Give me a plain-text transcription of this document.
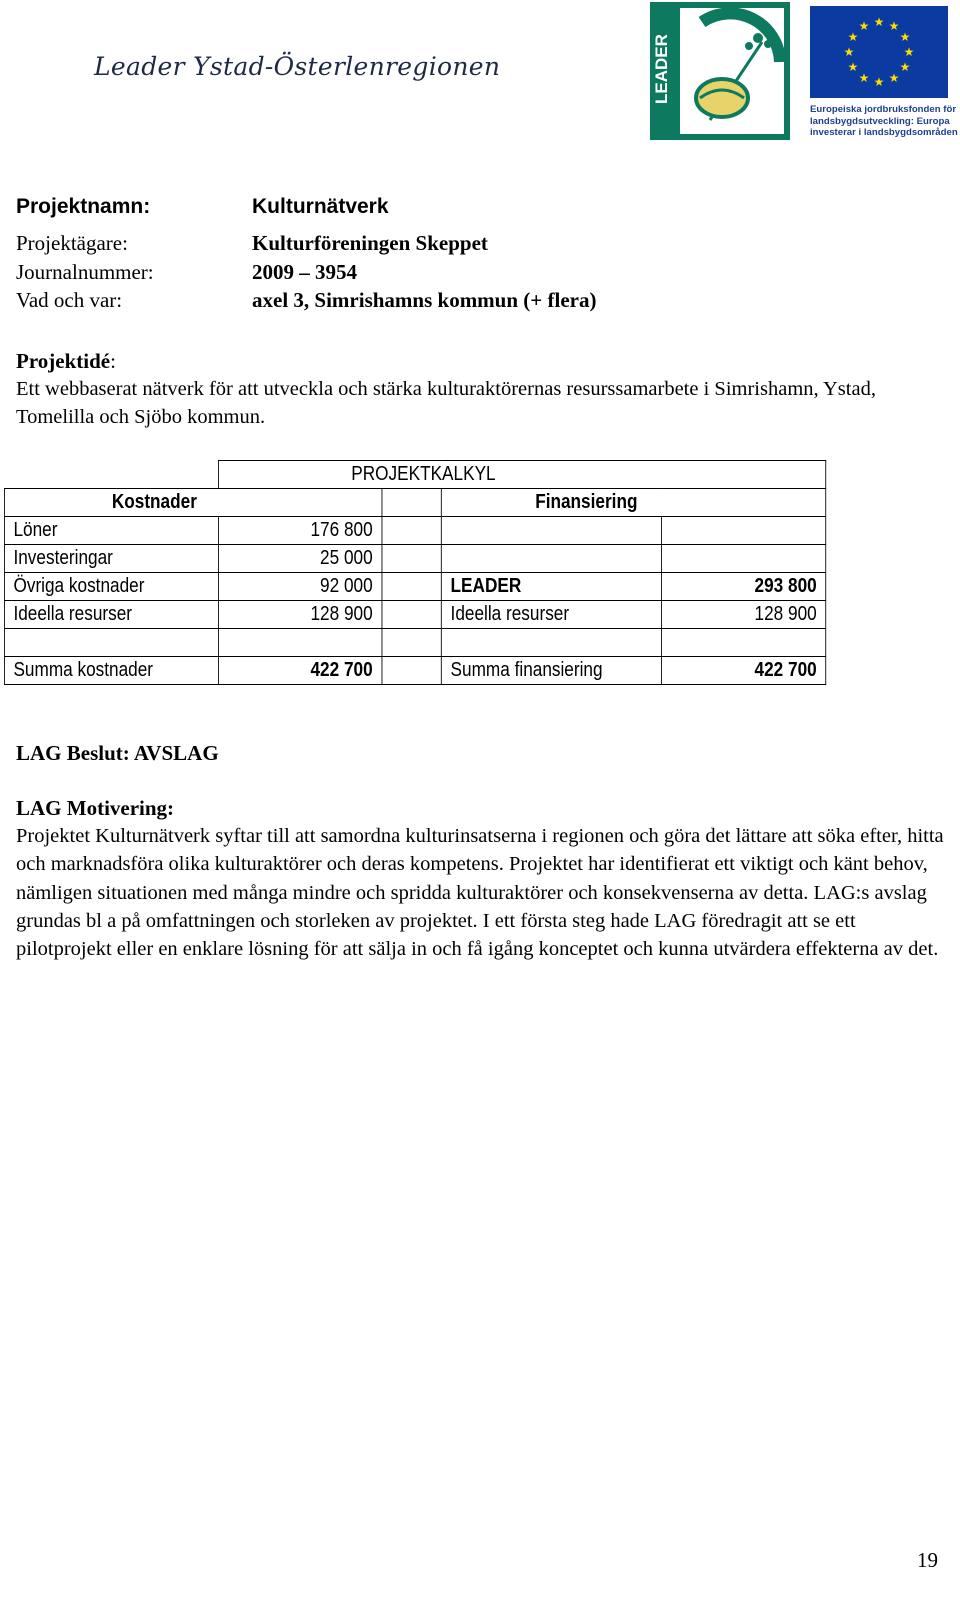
Leader Ystad-Österlenregionen	LEADER
★ ★
★
★
★
★
★
★
★
★
★
★
Europeiska jordbruksfonden för
landsbygdsutveckling: Europa
investerar i landsbygdsområden
Projektnamn:	Kulturnätverk
Projektägare:	Kulturföreningen Skeppet
Journalnummer:	2009 – 3954
Vad och var:	axel 3, Simrishamns kommun (+ flera)
Projektidé:

Ett webbaserat nätverk för att utveckla och stärka kulturaktörernas resurssamarbete i Simrishamn, Ystad, Tomelilla och Sjöbo kommun.

	PROJEKTKALKYL			
Kostnader			Finansiering	
Löner	176 800			
Investeringar	25 000			
Övriga kostnader	92 000		LEADER	293 800
Ideella resurser	128 900		Ideella resurser	128 900

Summa kostnader	422 700		Summa finansiering	422 700
LAG Beslut: AVSLAG
LAG Motivering:

Projektet Kulturnätverk syftar till att samordna kulturinsatserna i regionen och göra det lättare att söka efter, hitta och marknadsföra olika kulturaktörer och deras kompetens. Projektet har identifierat ett viktigt och känt behov, nämligen situationen med många mindre och spridda kulturaktörer och konsekvenserna av detta. LAG:s avslag grundas bl a på omfattningen och storleken av projektet. I ett första steg hade LAG föredragit att se ett pilotprojekt eller en enklare lösning för att sälja in och få igång konceptet och kunna utvärdera effekterna av det.

19
